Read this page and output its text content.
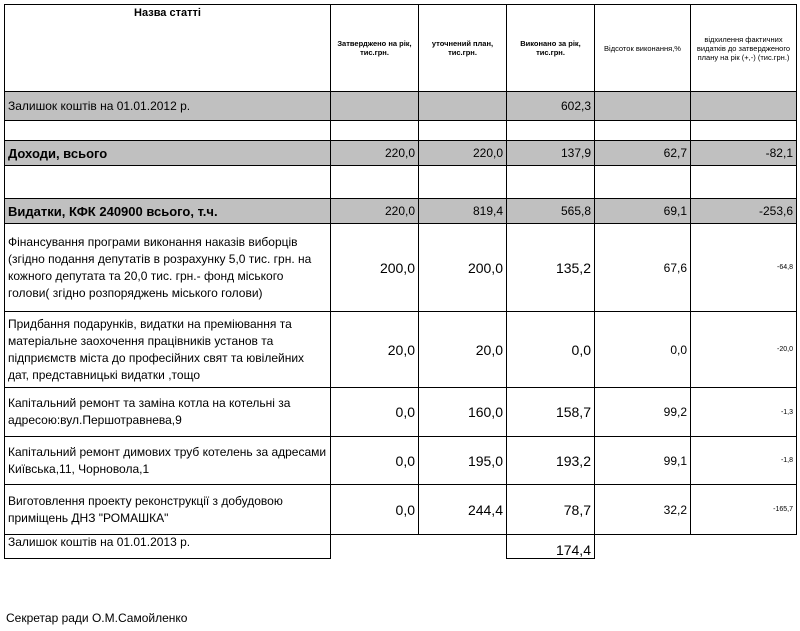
Назва статті	Затверджено на рік, тис.грн.	уточнений план, тис.грн.	Виконано за рік, тис.грн.	Відсоток виконання,%	відхилення фактичних видатків до затвердженого плану на рік (+,-) (тис.грн.)
Залишок коштів на 01.01.2012 р.			602,3		

Доходи, всього	220,0	220,0	137,9	62,7	-82,1

Видатки, КФК 240900 всього, т.ч.	220,0	819,4	565,8	69,1	-253,6
Фінансування програми виконання наказів виборців (згідно подання депутатів в розрахунку 5,0 тис. грн. на кожного депутата та 20,0 тис. грн.- фонд міського голови( згідно розпоряджень міського голови)	200,0	200,0	135,2	67,6	-64,8
Придбання подарунків, видатки на преміювання та матеріальне заохочення працівників установ та підприємств міста до професійних свят та ювілейних дат, представницькі видатки ,тощо	20,0	20,0	0,0	0,0	-20,0
Капітальний ремонт та заміна котла на котельні за адресою:вул.Першотравнева,9	0,0	160,0	158,7	99,2	-1,3
Капітальний ремонт димових труб котелень за адресами Київська,11, Чорновола,1	0,0	195,0	193,2	99,1	-1,8
Виготовлення проекту реконструкції з добудовою приміщень ДНЗ "РОМАШКА"	0,0	244,4	78,7	32,2	-165,7
Залишок коштів на 01.01.2013 р.			174,4		
Секретар ради О.М.Самойленко
